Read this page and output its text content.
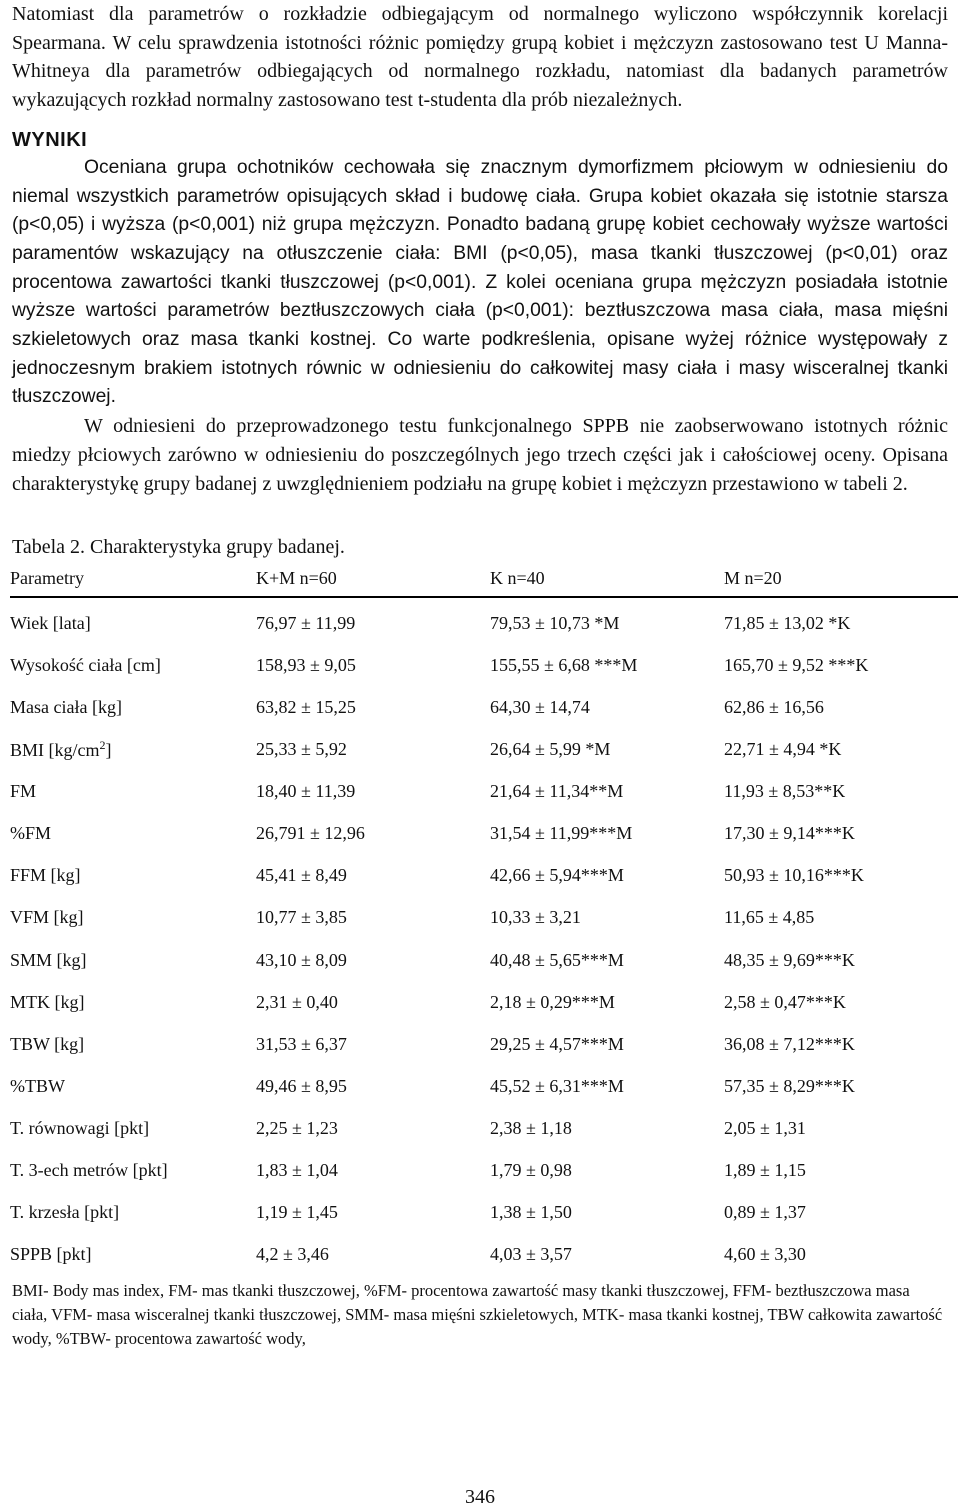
Natomiast dla parametrów o rozkładzie odbiegającym od normalnego wyliczono współczynnik korelacji Spearmana. W celu sprawdzenia istotności różnic pomiędzy grupą kobiet i mężczyzn zastosowano test U Manna-Whitneya dla parametrów odbiegających od normalnego rozkładu, natomiast dla badanych parametrów wykazujących rozkład normalny zastosowano test t-studenta dla prób niezależnych.

WYNIKI

Oceniana grupa ochotników cechowała się znacznym dymorfizmem płciowym w odniesieniu do niemal wszystkich parametrów opisujących skład i budowę ciała. Grupa kobiet okazała się istotnie starsza (p<0,05) i wyższa (p<0,001) niż grupa mężczyzn. Ponadto badaną grupę kobiet cechowały wyższe wartości paramentów wskazujący na otłuszczenie ciała: BMI (p<0,05), masa tkanki tłuszczowej (p<0,01) oraz procentowa zawartości tkanki tłuszczowej (p<0,001). Z kolei oceniana grupa mężczyzn posiadała istotnie wyższe wartości parametrów beztłuszczowych ciała (p<0,001): beztłuszczowa masa ciała, masa mięśni szkieletowych oraz masa tkanki kostnej. Co warte podkreślenia, opisane wyżej różnice występowały z jednoczesnym brakiem istotnych równic w odniesieniu do całkowitej masy ciała i masy wisceralnej tkanki tłuszczowej.

W odniesieni do przeprowadzonego testu funkcjonalnego SPPB nie zaobserwowano istotnych różnic miedzy płciowych zarówno w odniesieniu do poszczególnych jego trzech części jak i całościowej oceny. Opisana charakterystykę grupy badanej z uwzględnieniem podziału na grupę kobiet i mężczyzn przestawiono w tabeli 2.

Tabela 2. Charakterystyka grupy badanej.
Parametry	K+M n=60	K n=40	M n=20
Wiek [lata]	76,97 ± 11,99	79,53 ± 10,73 *M	71,85 ± 13,02 *K
Wysokość ciała [cm]	158,93 ± 9,05	155,55 ± 6,68 ***M	165,70 ± 9,52 ***K
Masa ciała [kg]	63,82 ± 15,25	64,30 ± 14,74	62,86 ± 16,56
BMI $[kg/cm^2]$	25,33 ± 5,92	26,64 ± 5,99 *M	22,71 ± 4,94 *K
FM	18,40 ± 11,39	21,64 ± 11,34**M	11,93 ± 8,53**K
%FM	26,791 ± 12,96	31,54 ± 11,99***M	17,30 ± 9,14***K
FFM [kg]	45,41 ± 8,49	42,66 ± 5,94***M	50,93 ± 10,16***K
VFM [kg]	10,77 ± 3,85	10,33 ± 3,21	11,65 ± 4,85
SMM [kg]	43,10 ± 8,09	40,48 ± 5,65***M	48,35 ± 9,69***K
MTK [kg]	2,31 ± 0,40	2,18 ± 0,29***M	2,58 ± 0,47***K
TBW [kg]	31,53 ± 6,37	29,25 ± 4,57***M	36,08 ± 7,12***K
%TBW	49,46 ± 8,95	45,52 ± 6,31***M	57,35 ± 8,29***K
T. równowagi [pkt]	2,25 ± 1,23	2,38 ± 1,18	2,05 ± 1,31
T. 3-ech metrów [pkt]	1,83 ± 1,04	1,79 ± 0,98	1,89 ± 1,15
T. krzesła [pkt]	1,19 ± 1,45	1,38 ± 1,50	0,89 ± 1,37
SPPB [pkt]	4,2 ± 3,46	4,03 ± 3,57	4,60 ± 3,30
BMI- Body mas index, FM- mas tkanki tłuszczowej, %FM- procentowa zawartość masy tkanki tłuszczowej, FFM- beztłuszczowa masa ciała, VFM- masa wisceralnej tkanki tłuszczowej, SMM- masa mięśni szkieletowych, MTK- masa tkanki kostnej, TBW całkowita zawartość wody, %TBW- procentowa zawartość wody,
346
